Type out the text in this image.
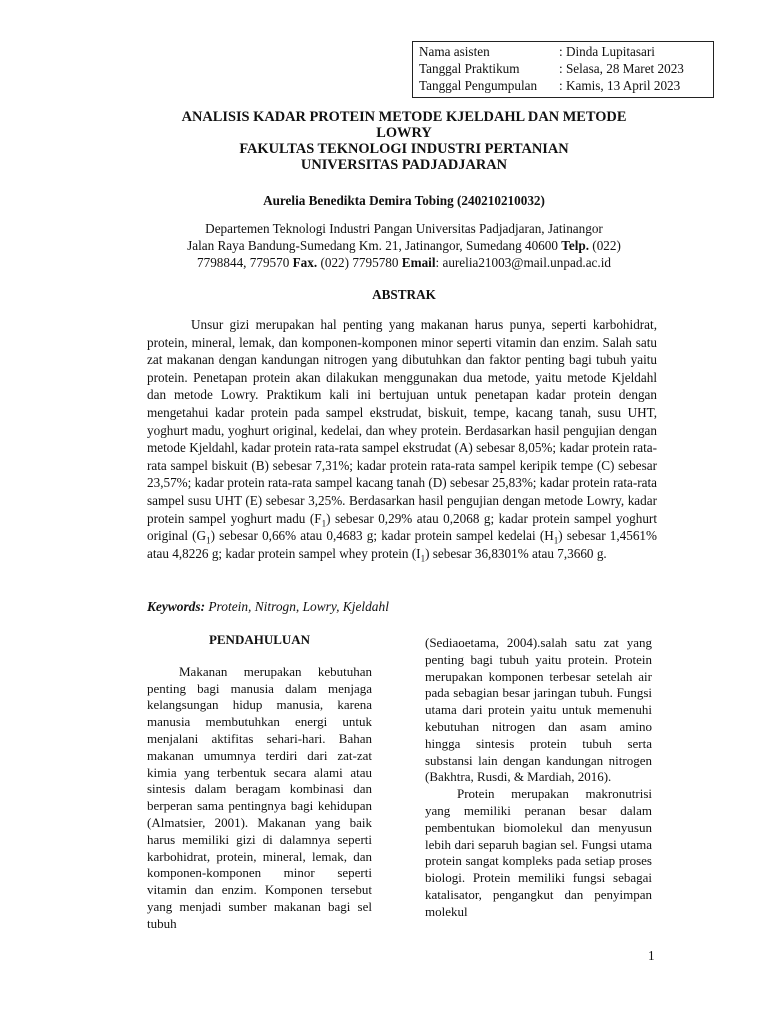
Nama asisten	: Dinda Lupitasari
Tanggal Praktikum	: Selasa, 28 Maret 2023
Tanggal Pengumpulan	: Kamis, 13 April 2023
ANALISIS KADAR PROTEIN METODE KJELDAHL DAN METODE
LOWRY
FAKULTAS TEKNOLOGI INDUSTRI PERTANIAN
UNIVERSITAS PADJADJARAN
Aurelia Benedikta Demira Tobing (240210210032)
Departemen Teknologi Industri Pangan Universitas Padjadjaran, Jatinangor
Jalan Raya Bandung-Sumedang Km. 21, Jatinangor, Sumedang 40600 Telp. (022)
7798844, 779570 Fax. (022) 7795780 Email: aurelia21003@mail.unpad.ac.id
ABSTRAK
Unsur gizi merupakan hal penting yang makanan harus punya, seperti karbohidrat, protein, mineral, lemak, dan komponen-komponen minor seperti vitamin dan enzim. Salah satu zat makanan dengan kandungan nitrogen yang dibutuhkan dan faktor penting bagi tubuh yaitu protein. Penetapan protein akan dilakukan menggunakan dua metode, yaitu metode Kjeldahl dan metode Lowry. Praktikum kali ini bertujuan untuk penetapan kadar protein dengan mengetahui kadar protein pada sampel ekstrudat, biskuit, tempe, kacang tanah, susu UHT, yoghurt madu, yoghurt original, kedelai, dan whey protein. Berdasarkan hasil pengujian dengan metode Kjeldahl, kadar protein rata-rata sampel ekstrudat (A) sebesar 8,05%; kadar protein rata-rata sampel biskuit (B) sebesar 7,31%; kadar protein rata-rata sampel keripik tempe (C) sebesar 23,57%; kadar protein rata-rata sampel kacang tanah (D) sebesar 25,83%; kadar protein rata-rata sampel susu UHT (E) sebesar 3,25%. Berdasarkan hasil pengujian dengan metode Lowry, kadar protein sampel yoghurt madu $(F_1)$ sebesar 0,29% atau 0,2068 g; kadar protein sampel yoghurt original $(G_1)$ sebesar 0,66% atau 0,4683 g; kadar protein sampel kedelai $(H_1)$ sebesar 1,4561% atau 4,8226 g; kadar protein sampel whey protein $(I_1)$ sebesar 36,8301% atau 7,3660 g.
Keywords: Protein, Nitrogn, Lowry, Kjeldahl
PENDAHULUAN
Makanan merupakan kebutuhan penting bagi manusia dalam menjaga kelangsungan hidup manusia, karena manusia membutuhkan energi untuk menjalani aktifitas sehari-hari. Bahan makanan umumnya terdiri dari zat-zat kimia yang terbentuk secara alami atau sintesis dalam beragam kombinasi dan berperan sama pentingnya bagi kehidupan (Almatsier, 2001). Makanan yang baik harus memiliki gizi di dalamnya seperti karbohidrat, protein, mineral, lemak, dan komponen-komponen minor seperti vitamin dan enzim. Komponen tersebut yang menjadi sumber makanan bagi sel tubuh
(Sediaoetama, 2004).salah satu zat yang penting bagi tubuh yaitu protein. Protein merupakan komponen terbesar setelah air pada sebagian besar jaringan tubuh. Fungsi utama dari protein yaitu untuk memenuhi kebutuhan nitrogen dan asam amino hingga sintesis protein tubuh serta substansi lain dengan kandungan nitrogen (Bakhtra, Rusdi, & Mardiah, 2016).
Protein merupakan makronutrisi yang memiliki peranan besar dalam pembentukan biomolekul dan menyusun lebih dari separuh bagian sel. Fungsi utama protein sangat kompleks pada setiap proses biologi. Protein memiliki fungsi sebagai katalisator, pengangkut dan penyimpan molekul
1
